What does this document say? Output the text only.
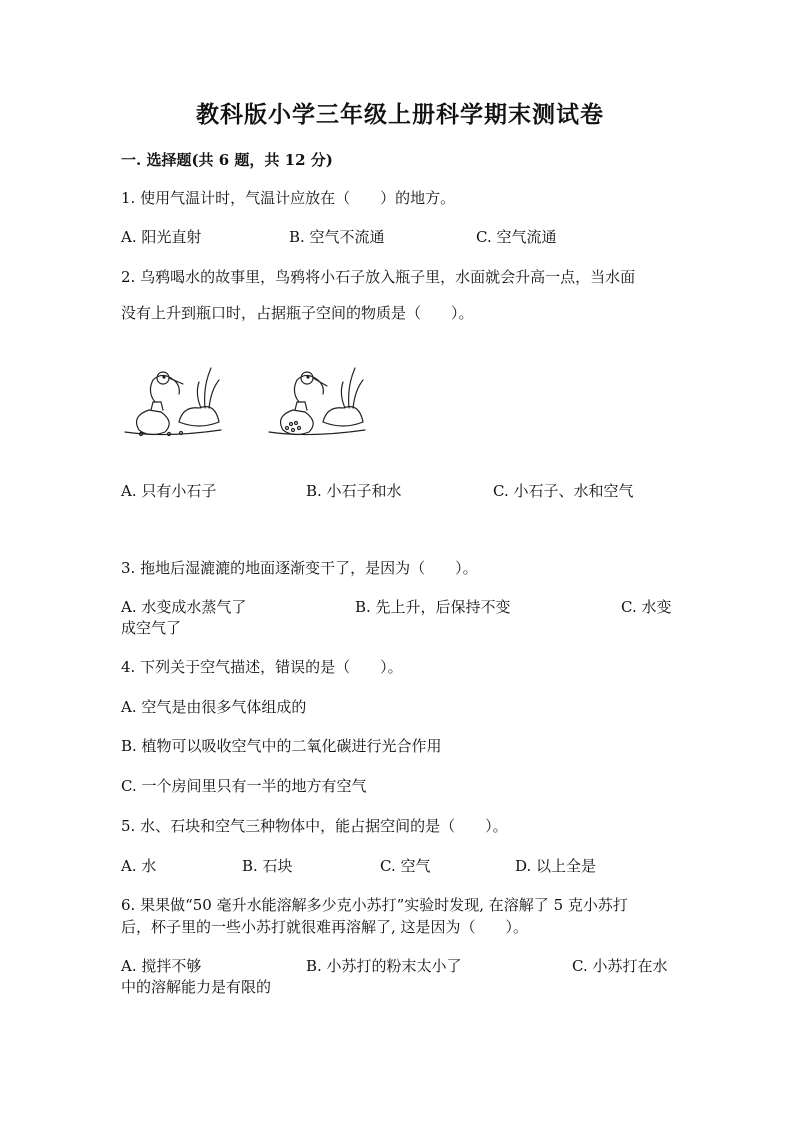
教科版小学三年级上册科学期末测试卷
一. 选择题(共 6 题，共 12 分)
1. 使用气温计时，气温计应放在（　　）的地方。
A. 阳光直射	B. 空气不流通	C. 空气流通
2. 乌鸦喝水的故事里，鸟鸦将小石子放入瓶子里，水面就会升高一点，当水面
没有上升到瓶口时，占据瓶子空间的物质是（　　）。
A. 只有小石子	B. 小石子和水	C. 小石子、水和空气
3. 拖地后湿漉漉的地面逐渐变干了，是因为（　　）。
A. 水变成水蒸气了	B. 先上升，后保持不变	C. 水变
成空气了
4. 下列关于空气描述，错误的是（　　）。
A. 空气是由很多气体组成的
B. 植物可以吸收空气中的二氧化碳进行光合作用
C. 一个房间里只有一半的地方有空气
5. 水、石块和空气三种物体中，能占据空间的是（　　）。
A. 水	B. 石块	C. 空气	D. 以上全是
6. 果果做“50 毫升水能溶解多少克小苏打”实验时发现, 在溶解了 5 克小苏打
后，杯子里的一些小苏打就很难再溶解了, 这是因为（　　）。
A. 搅拌不够	B. 小苏打的粉末太小了	C. 小苏打在水
中的溶解能力是有限的
